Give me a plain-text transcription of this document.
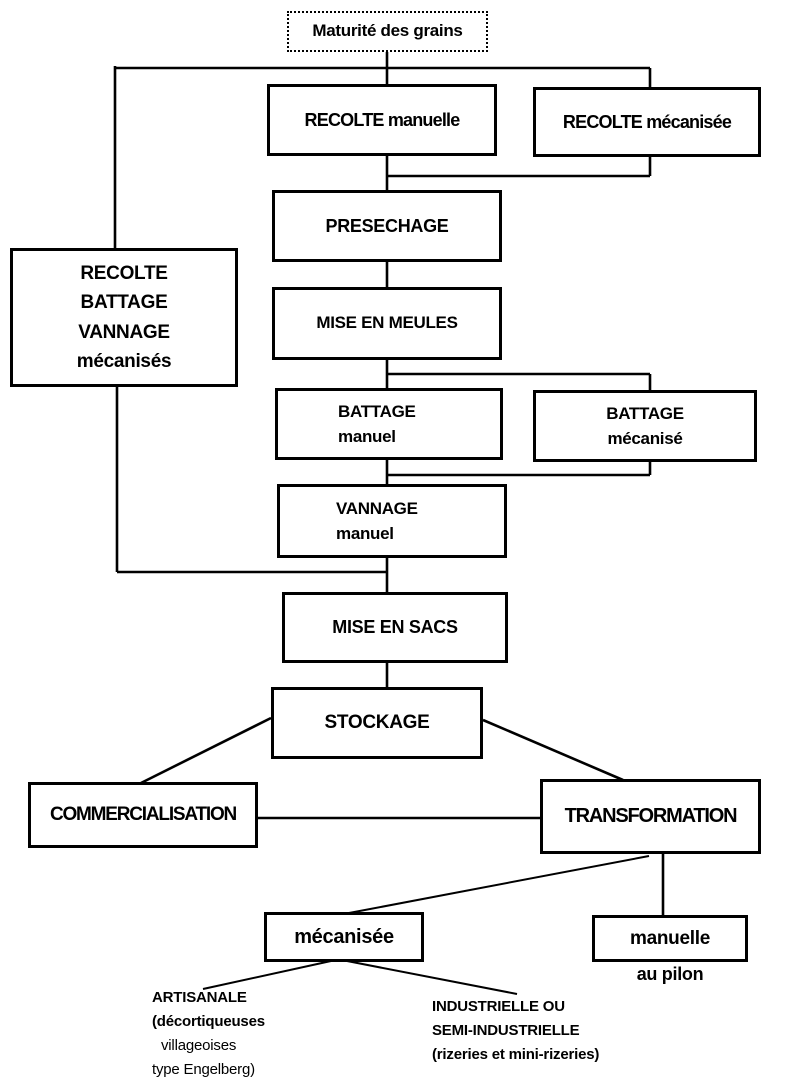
Maturité des grains
RECOLTE manuelle	RECOLTE mécanisée
PRESECHAGE
MISE EN MEULES
RECOLTE
BATTAGE
VANNAGE
mécanisés
BATTAGE
manuel
BATTAGE
mécanisé
VANNAGE
manuel
MISE EN SACS
STOCKAGE
COMMERCIALISATION	TRANSFORMATION
mécanisée	manuelle
au pilon
ARTISANALE
(décortiqueuses
villageoises
type Engelberg)
INDUSTRIELLE OU
SEMI-INDUSTRIELLE
(rizeries et mini-rizeries)
